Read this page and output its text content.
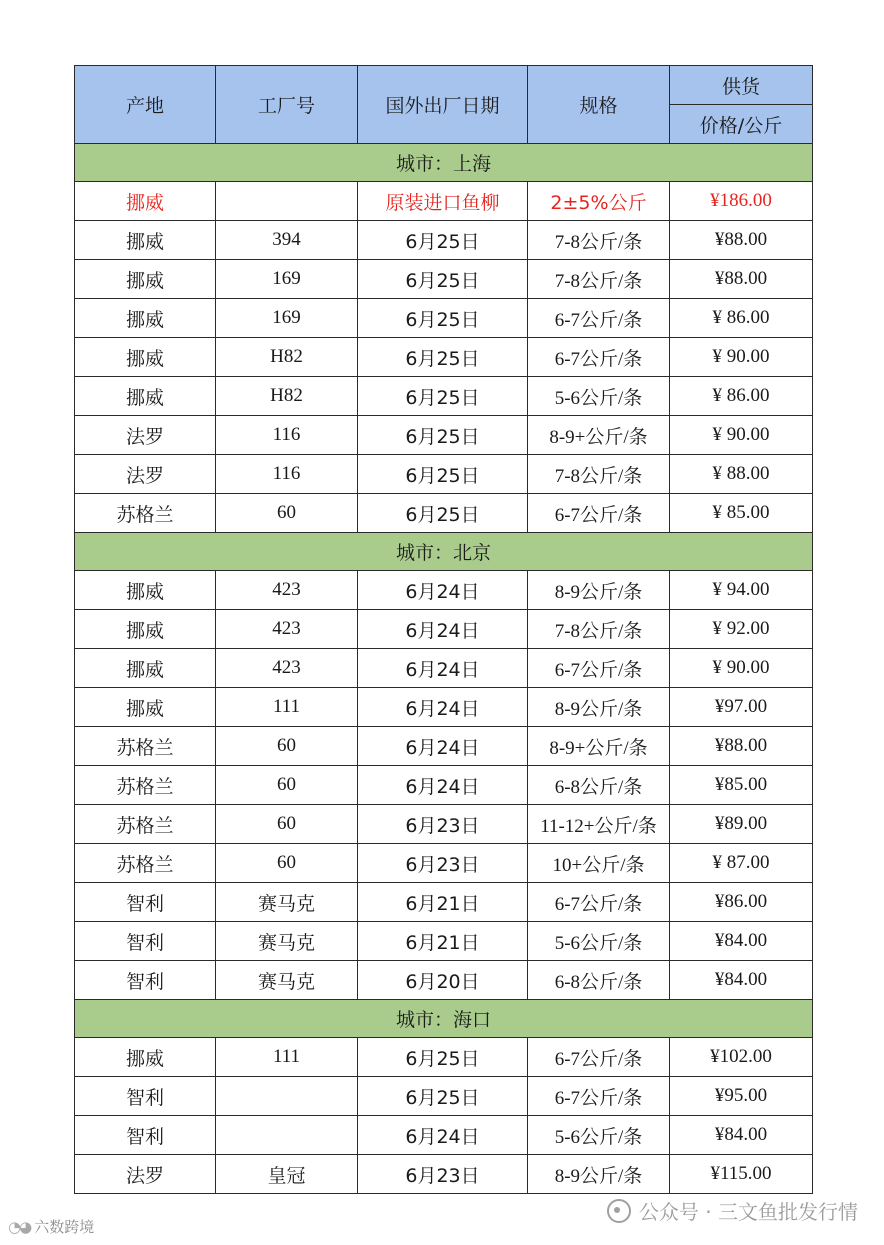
产地	工厂号	国外出厂日期	规格	供货
				价格/公斤
城市：上海				
挪威		原装进口鱼柳	2±5%公斤	¥186.00
挪威	394	6月25日	7-8公斤/条	¥88.00
挪威	169	6月25日	7-8公斤/条	¥88.00
挪威	169	6月25日	6-7公斤/条	¥ 86.00
挪威	H82	6月25日	6-7公斤/条	¥ 90.00
挪威	H82	6月25日	5-6公斤/条	¥ 86.00
法罗	116	6月25日	8-9+公斤/条	¥ 90.00
法罗	116	6月25日	7-8公斤/条	¥ 88.00
苏格兰	60	6月25日	6-7公斤/条	¥ 85.00
城市：北京				
挪威	423	6月24日	8-9公斤/条	¥ 94.00
挪威	423	6月24日	7-8公斤/条	¥ 92.00
挪威	423	6月24日	6-7公斤/条	¥ 90.00
挪威	111	6月24日	8-9公斤/条	¥97.00
苏格兰	60	6月24日	8-9+公斤/条	¥88.00
苏格兰	60	6月24日	6-8公斤/条	¥85.00
苏格兰	60	6月23日	11-12+公斤/条	¥89.00
苏格兰	60	6月23日	10+公斤/条	¥ 87.00
智利	赛马克	6月21日	6-7公斤/条	¥86.00
智利	赛马克	6月21日	5-6公斤/条	¥84.00
智利	赛马克	6月20日	6-8公斤/条	¥84.00
城市：海口				
挪威	111	6月25日	6-7公斤/条	¥102.00
智利		6月25日	6-7公斤/条	¥95.00
智利		6月24日	5-6公斤/条	¥84.00
法罗	皇冠	6月23日	8-9公斤/条	¥115.00
◔◕ 六数跨境
公众号 · 三文鱼批发行情
